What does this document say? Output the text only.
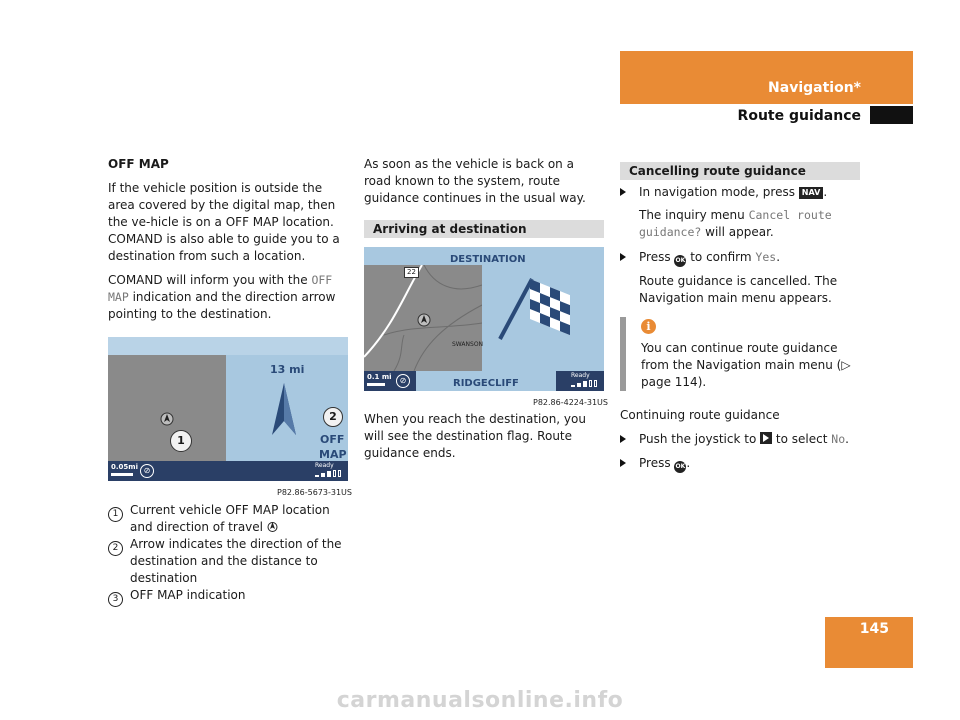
Navigation*
Route guidance
145

OFF MAP

If the vehicle position is outside the area covered by the digital map, then the ve-hicle is on a OFF MAP location. COMAND is also able to guide you to a destination from such a location.

COMAND will inform you with the OFF MAP indication and the direction arrow pointing to the destination.

13 mi
2
OFF
MAP
1
0.05mi ⊘
Ready
P82.86-5673-31US
1 Current vehicle OFF MAP location and direction of travel
2 Arrow indicates the direction of the destination and the distance to destination
3 OFF MAP indication
As soon as the vehicle is back on a road known to the system, route guidance continues in the usual way.
Arriving at destination
DESTINATION
22
SWANSON
0.1 mi	⊘	RIDGECLIFF
Ready
P82.86-4224-31US
When you reach the destination, you will see the destination flag. Route guidance ends.
Cancelling route guidance
In navigation mode, press NAV .
The inquiry menu Cancel route guidance? will appear.
Press OK to confirm Yes.
Route guidance is cancelled. The Navigation main menu appears.
i
You can continue route guidance from the Navigation main menu (▷ page 114).
Continuing route guidance
Push the joystick to  to select No.
Press OK.
carmanualsonline.info
